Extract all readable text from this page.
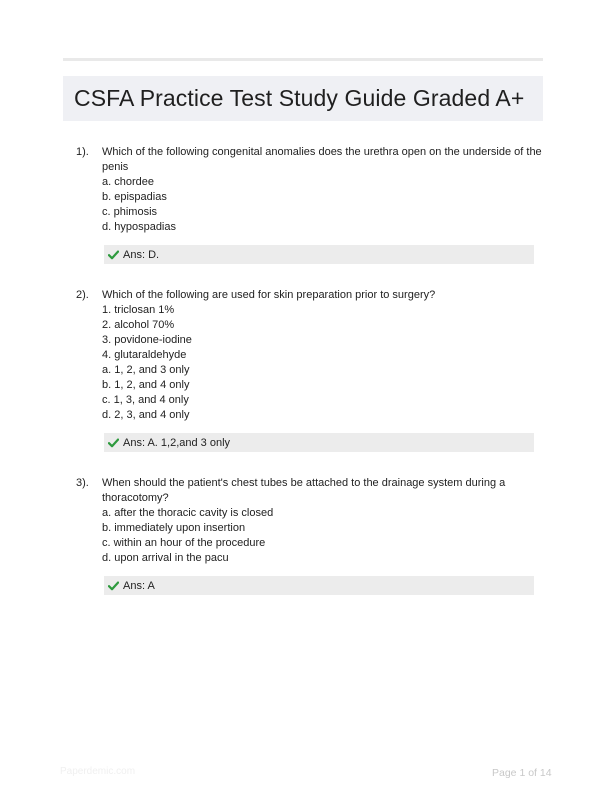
CSFA Practice Test Study Guide Graded A+
1). Which of the following congenital anomalies does the urethra open on the underside of the
penis
a. chordee
b. epispadias
c. phimosis
d. hypospadias
Ans: D.
2). Which of the following are used for skin preparation prior to surgery?
1. triclosan 1%
2. alcohol 70%
3. povidone-iodine
4. glutaraldehyde
a. 1, 2, and 3 only
b. 1, 2, and 4 only
c. 1, 3, and 4 only
d. 2, 3, and 4 only
Ans: A. 1,2,and 3 only
3). When should the patient's chest tubes be attached to the drainage system during a
thoracotomy?
a. after the thoracic cavity is closed
b. immediately upon insertion
c. within an hour of the procedure
d. upon arrival in the pacu
Ans: A
Paperdemic.com	Page 1 of 14
